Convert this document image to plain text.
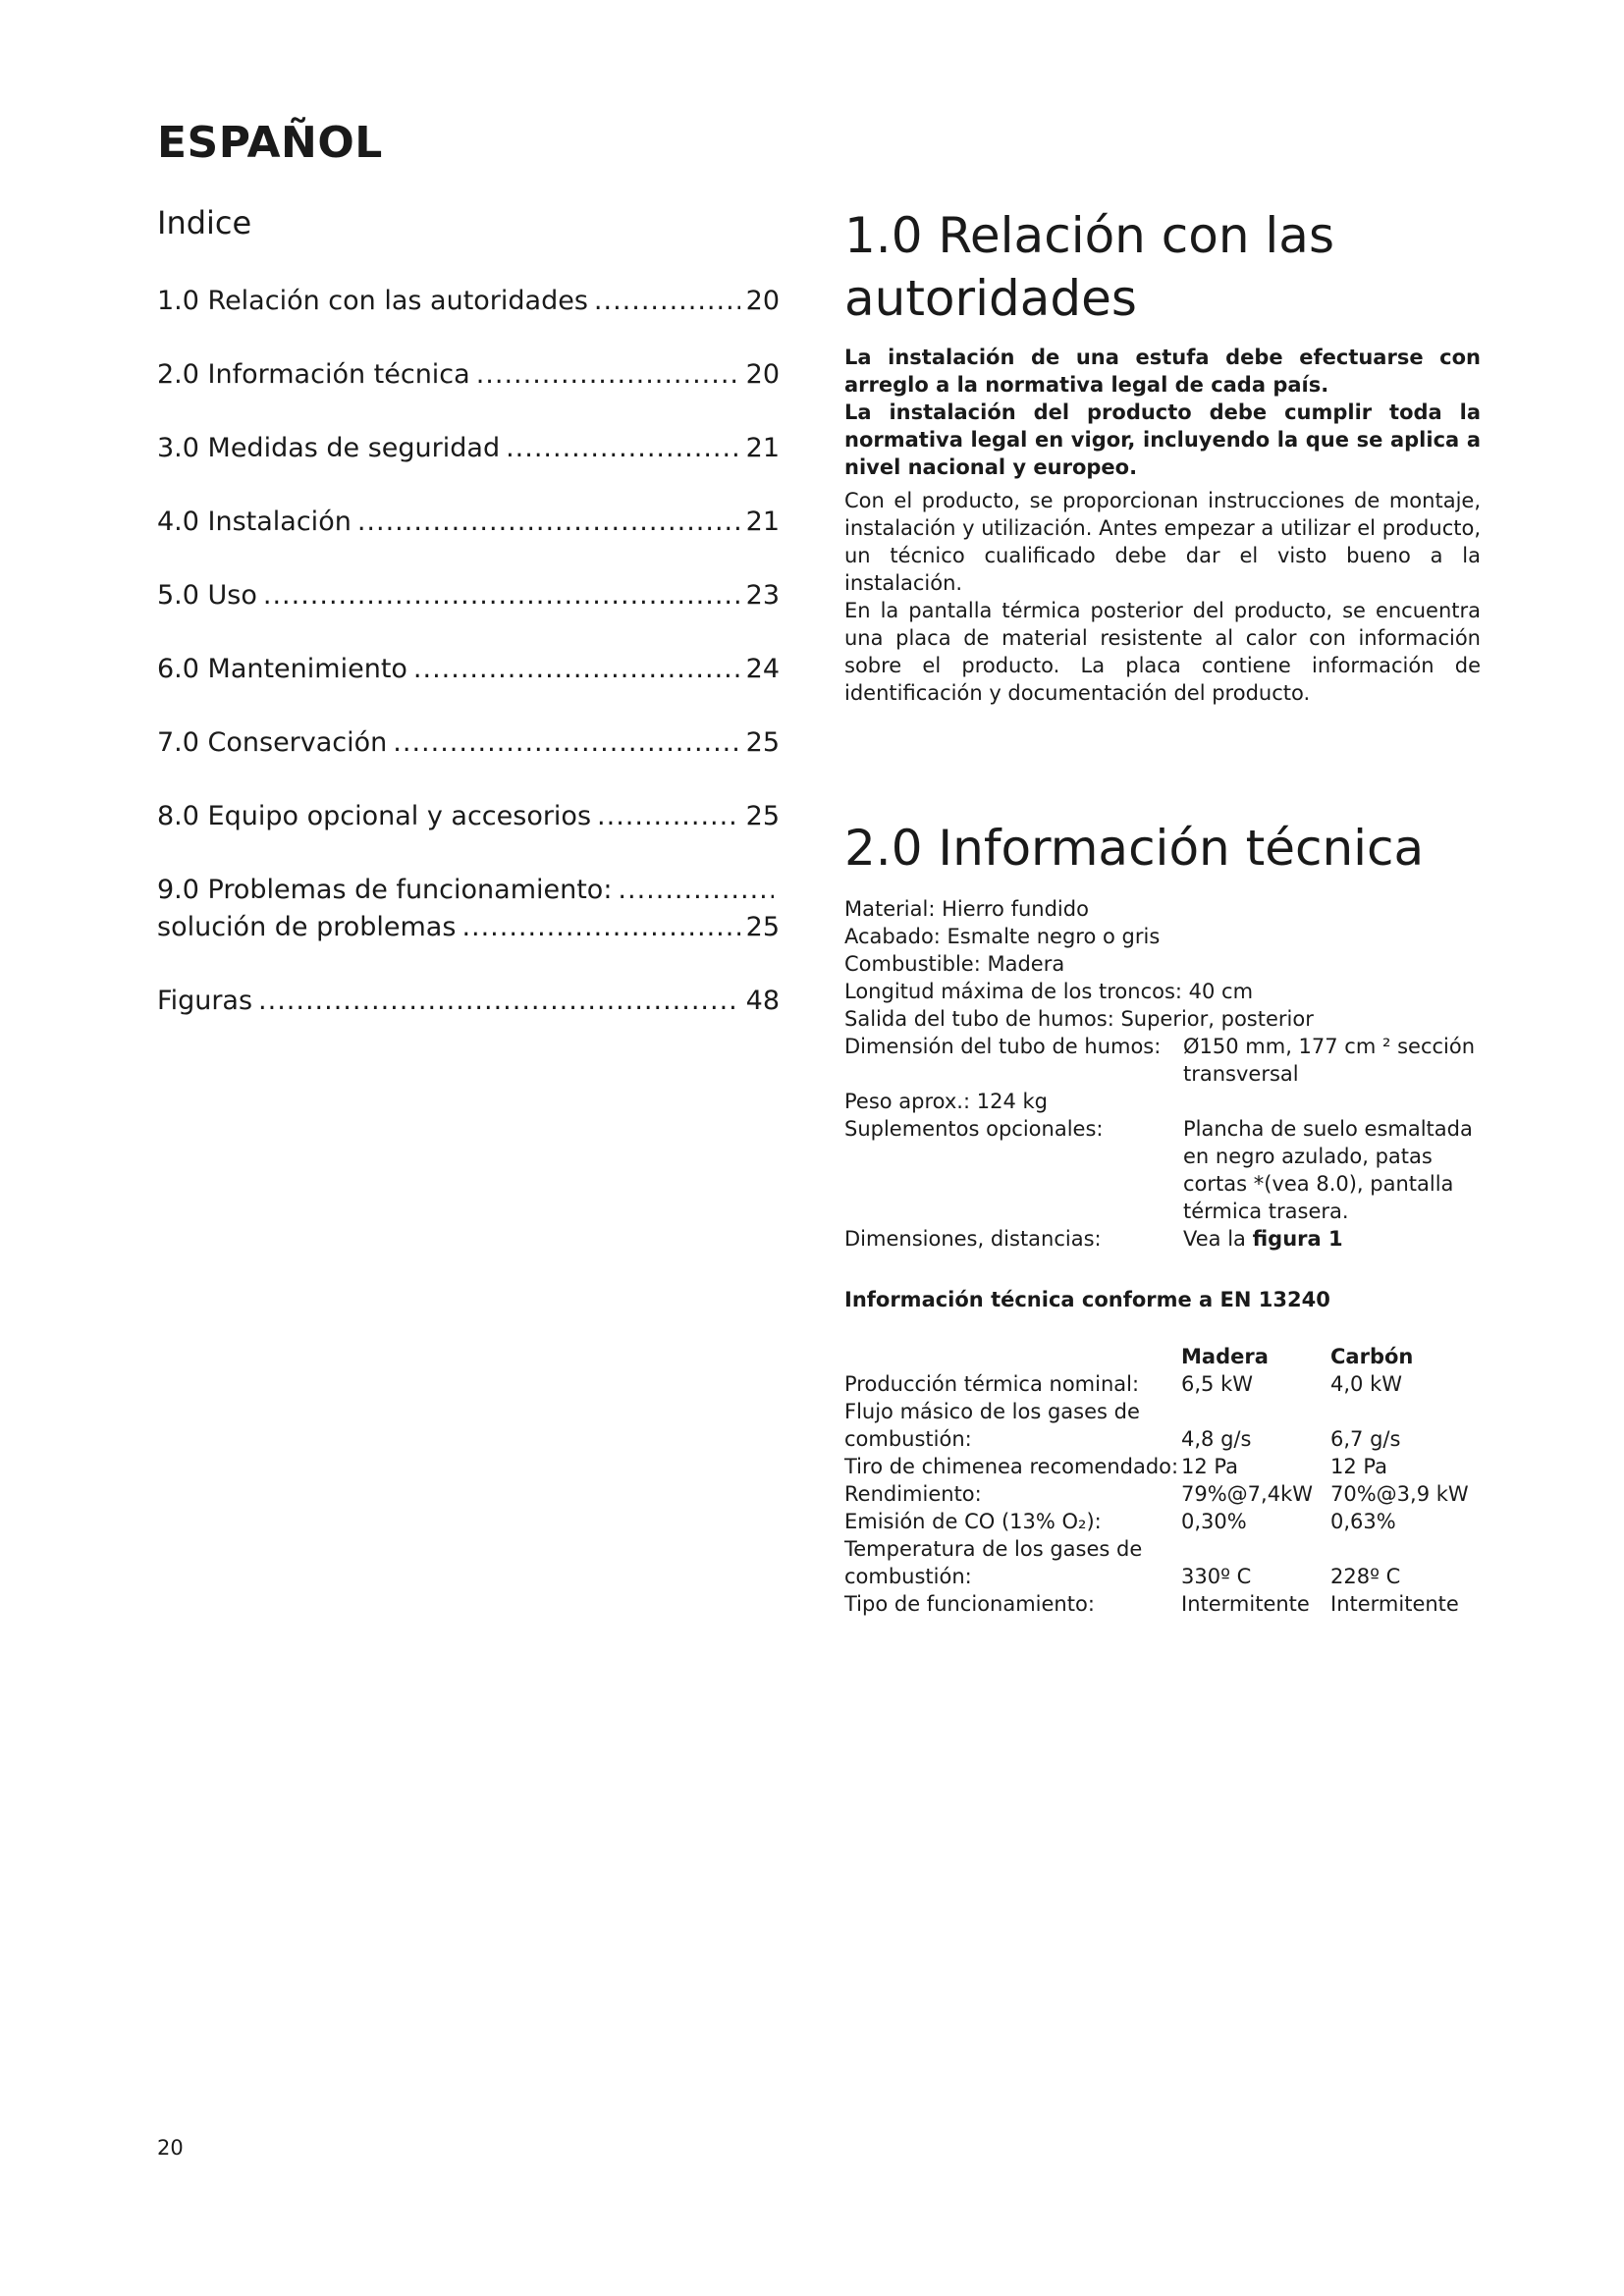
ESPAÑOL
Indice
1.0 Relación con las autoridades .....	20
2.0 Información técnica .....	20
3.0 Medidas de seguridad .....	21
4.0 Instalación .....	21
5.0 Uso .....	23
6.0 Mantenimiento .....	24
7.0 Conservación .....	25
8.0 Equipo opcional y accesorios .....	25
9.0 Problemas de funcionamiento:
.....
solución de problemas .....	25
Figuras .....	48
1.0 Relación con las autoridades

La instalación de una estufa debe efectuarse con arreglo a la normativa legal de cada país.

La instalación del producto debe cumplir toda la normativa legal en vigor, incluyendo la que se aplica a nivel nacional y europeo.

Con el producto, se proporcionan instrucciones de montaje, instalación y utilización. Antes empezar a utilizar el producto, un técnico cualificado debe dar el visto bueno a la instalación.

En la pantalla térmica posterior del producto, se encuentra una placa de material resistente al calor con información sobre el producto. La placa contiene información de identificación y documentación del producto.

2.0 Información técnica
Material: Hierro fundido
Acabado: Esmalte negro o gris
Combustible: Madera
Longitud máxima de los troncos: 40 cm
Salida del tubo de humos: Superior, posterior
Dimensión del tubo de humos:	Ø150 mm, 177 cm ² sección transversal
Peso aprox.: 124 kg
Suplementos opcionales:	Plancha de suelo esmaltada en negro azulado, patas cortas *(vea 8.0), pantalla térmica trasera.
Dimensiones, distancias:	Vea la figura 1
Información técnica conforme a EN 13240
	Madera	Carbón
Producción térmica nominal:	6,5 kW	4,0 kW
Flujo másico de los gases de combustión:	4,8 g/s	6,7 g/s
Tiro de chimenea recomendado:	12 Pa	12 Pa
Rendimiento:	79%@7,4kW	70%@3,9 kW
Emisión de CO (13% O₂):	0,30%	0,63%
Temperatura de los gases de combustión:	330º C	228º C
Tipo de funcionamiento:	Intermitente	Intermitente
20
